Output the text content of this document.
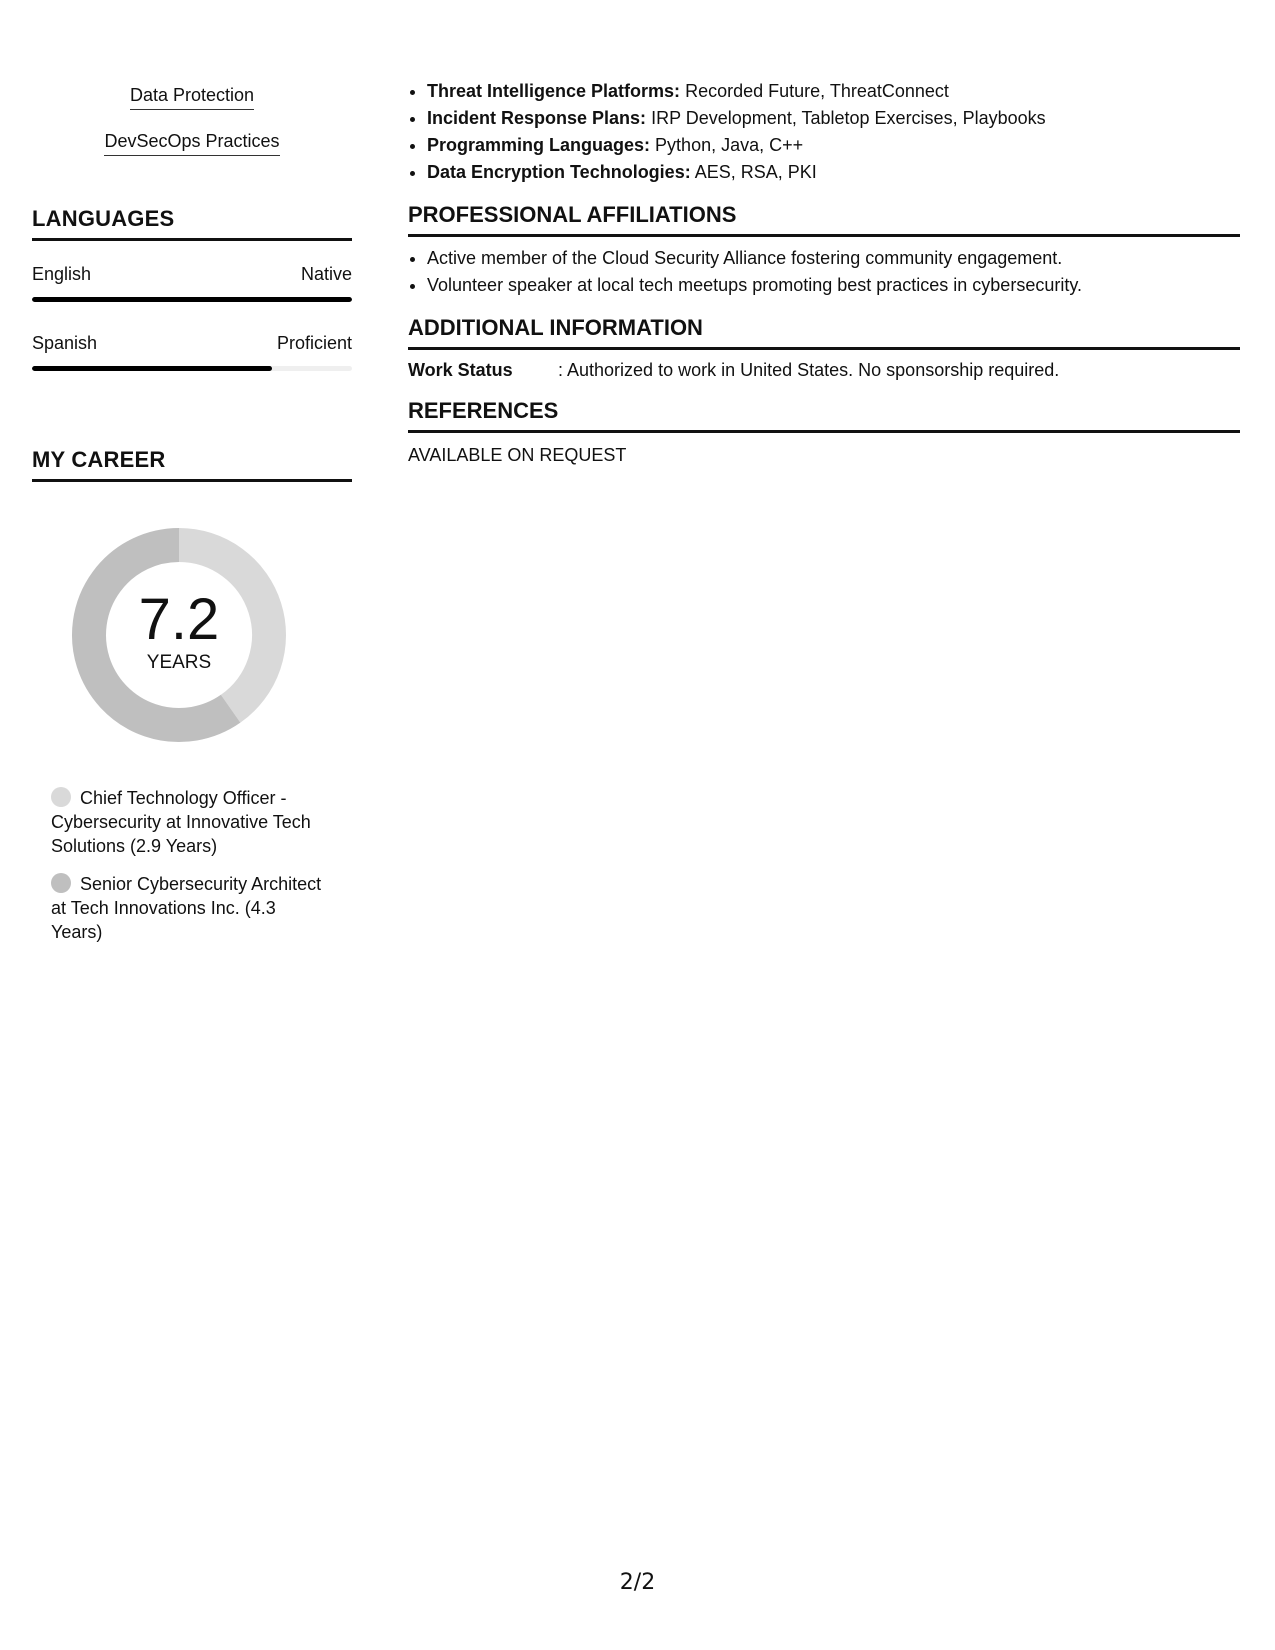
Data Protection
DevSecOps Practices
LANGUAGES
English	Native
Spanish	Proficient
MY CAREER
7.2
YEARS
Chief Technology Officer - Cybersecurity at Innovative Tech Solutions (2.9 Years)
Senior Cybersecurity Architect at Tech Innovations Inc. (4.3 Years)
• Threat Intelligence Platforms: Recorded Future, ThreatConnect
• Incident Response Plans: IRP Development, Tabletop Exercises, Playbooks
• Programming Languages: Python, Java, C++
• Data Encryption Technologies: AES, RSA, PKI
PROFESSIONAL AFFILIATIONS
• Active member of the Cloud Security Alliance fostering community engagement.
• Volunteer speaker at local tech meetups promoting best practices in cybersecurity.
ADDITIONAL INFORMATION
Work Status	: Authorized to work in United States. No sponsorship required.
REFERENCES
AVAILABLE ON REQUEST
2/2
